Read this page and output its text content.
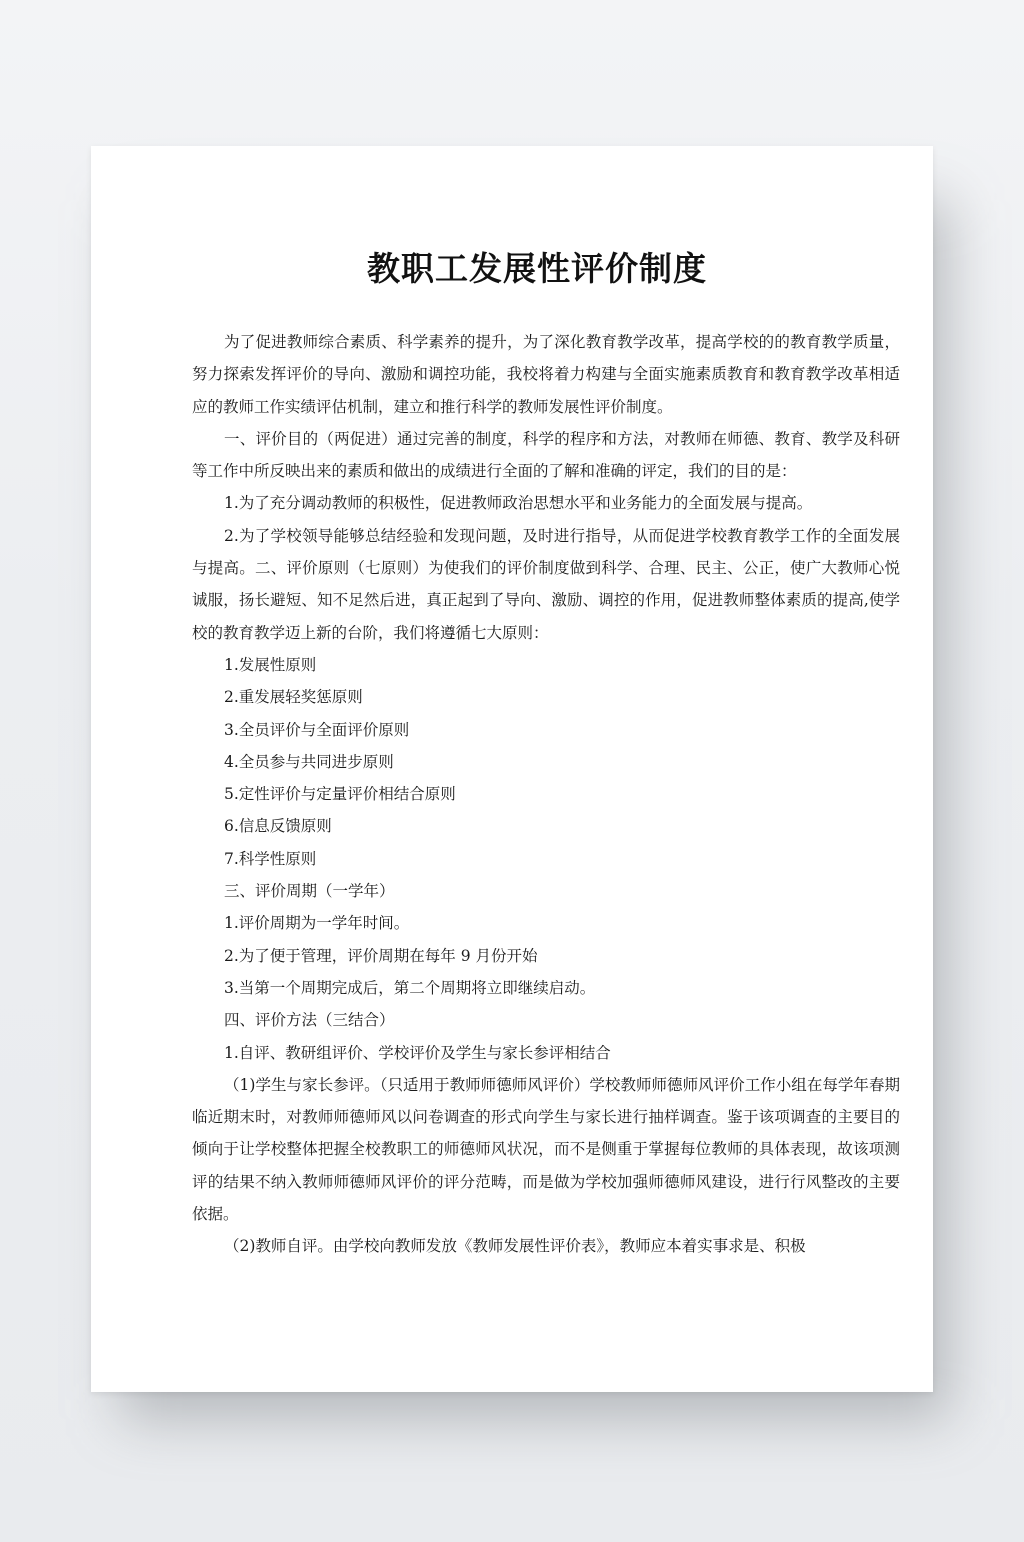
教职工发展性评价制度

为了促进教师综合素质、科学素养的提升，为了深化教育教学改革，提高学校的的教育教学质量，努力探索发挥评价的导向、激励和调控功能，我校将着力构建与全面实施素质教育和教育教学改革相适应的教师工作实绩评估机制，建立和推行科学的教师发展性评价制度。

一、评价目的（两促进）通过完善的制度，科学的程序和方法，对教师在师德、教育、教学及科研等工作中所反映出来的素质和做出的成绩进行全面的了解和准确的评定，我们的目的是：

1.为了充分调动教师的积极性，促进教师政治思想水平和业务能力的全面发展与提高。

2.为了学校领导能够总结经验和发现问题，及时进行指导，从而促进学校教育教学工作的全面发展与提高。二、评价原则（七原则）为使我们的评价制度做到科学、合理、民主、公正，使广大教师心悦诚服，扬长避短、知不足然后进，真正起到了导向、激励、调控的作用，促进教师整体素质的提高,使学校的教育教学迈上新的台阶，我们将遵循七大原则：

1.发展性原则

2.重发展轻奖惩原则

3.全员评价与全面评价原则

4.全员参与共同进步原则

5.定性评价与定量评价相结合原则

6.信息反馈原则

7.科学性原则

三、评价周期（一学年）

1.评价周期为一学年时间。

2.为了便于管理，评价周期在每年 9 月份开始

3.当第一个周期完成后，第二个周期将立即继续启动。

四、评价方法（三结合）

1.自评、教研组评价、学校评价及学生与家长参评相结合

（1)学生与家长参评。（只适用于教师师德师风评价）学校教师师德师风评价工作小组在每学年春期临近期末时，对教师师德师风以问卷调查的形式向学生与家长进行抽样调查。鉴于该项调查的主要目的倾向于让学校整体把握全校教职工的师德师风状况，而不是侧重于掌握每位教师的具体表现，故该项测评的结果不纳入教师师德师风评价的评分范畴，而是做为学校加强师德师风建设，进行行风整改的主要依据。

（2)教师自评。由学校向教师发放《教师发展性评价表》，教师应本着实事求是、积极
